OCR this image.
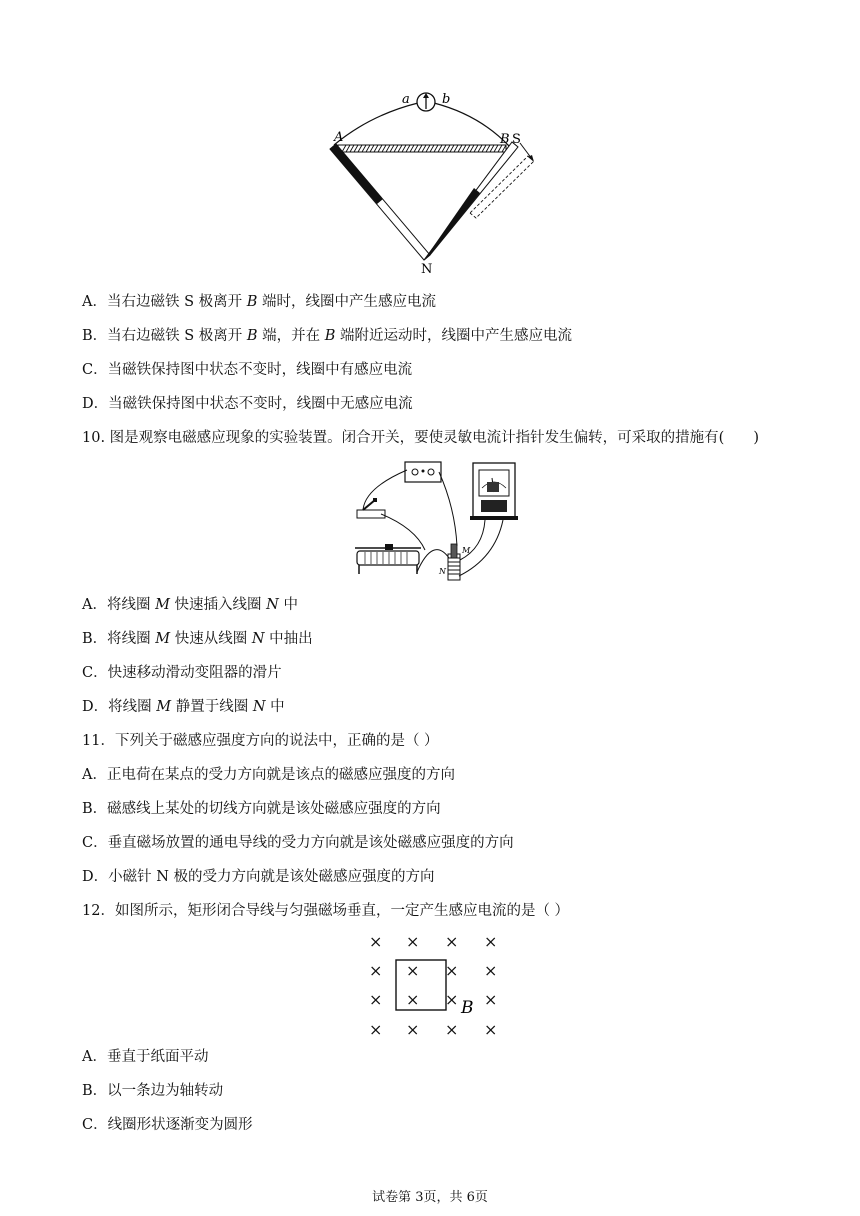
a b
A	B S
N
A．当右边磁铁 S 极离开 B 端时，线圈中产生感应电流
B．当右边磁铁 S 极离开 B 端，并在 B 端附近运动时，线圈中产生感应电流
C．当磁铁保持图中状态不变时，线圈中有感应电流
D．当磁铁保持图中状态不变时，线圈中无感应电流
10. 图是观察电磁感应现象的实验装置。闭合开关，要使灵敏电流计指针发生偏转，可采取的措施有(　　)
M
N
A．将线圈 M 快速插入线圈 N 中
B．将线圈 M 快速从线圈 N 中抽出
C．快速移动滑动变阻器的滑片
D．将线圈 M 静置于线圈 N 中
11．下列关于磁感应强度方向的说法中，正确的是（ ）
A．正电荷在某点的受力方向就是该点的磁感应强度的方向
B．磁感线上某处的切线方向就是该处磁感应强度的方向
C．垂直磁场放置的通电导线的受力方向就是该处磁感应强度的方向
D．小磁针 N 极的受力方向就是该处磁感应强度的方向
12．如图所示，矩形闭合导线与匀强磁场垂直，一定产生感应电流的是（ ）
× × × ×
× × × ×
× × × ×
× × × ×
B
A．垂直于纸面平动
B．以一条边为轴转动
C．线圈形状逐渐变为圆形
试卷第 3页，共 6页
